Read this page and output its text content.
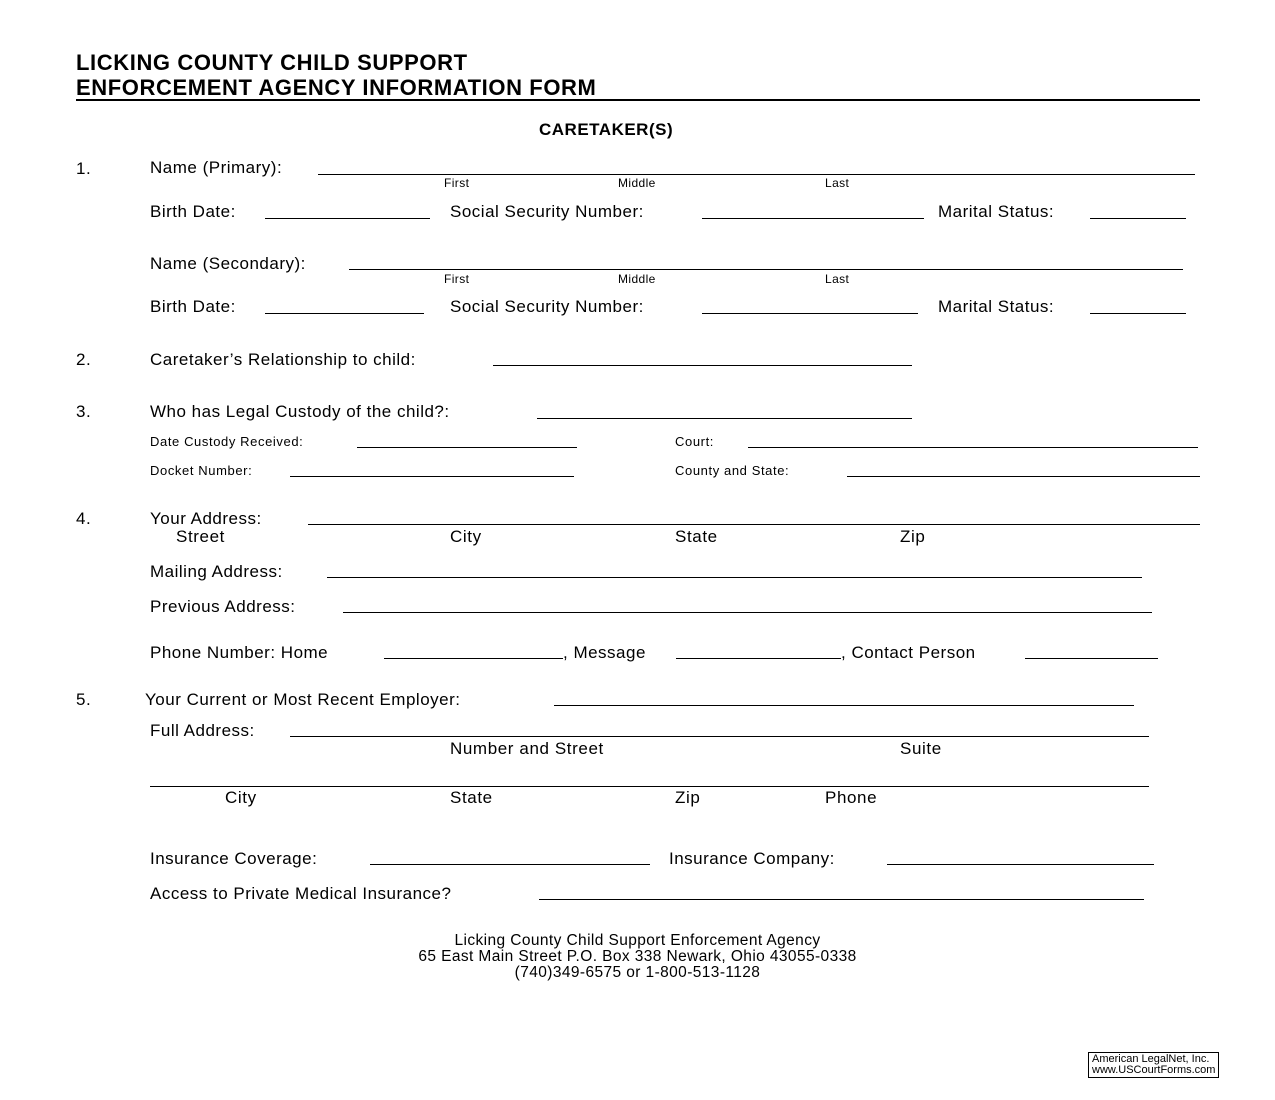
LICKING COUNTY CHILD SUPPORT
ENFORCEMENT AGENCY INFORMATION FORM
CARETAKER(S)
1.	Name (Primary):
First	Middle	Last
Birth Date:	Social Security Number:	Marital Status:
Name (Secondary):
First	Middle	Last
Birth Date:	Social Security Number:	Marital Status:
2.	Caretaker’s Relationship to child:
3.	Who has Legal Custody of the child?:
Date Custody Received:	Court:
Docket Number:	County and State:
4.	Your Address:
Street	City	State	Zip
Mailing Address:
Previous Address:
Phone Number: Home	, Message	, Contact Person
5.	Your Current or Most Recent Employer:
Full Address:
Number and Street	Suite
City	State	Zip	Phone
Insurance Coverage:	Insurance Company:
Access to Private Medical Insurance?
Licking County Child Support Enforcement Agency
65 East Main Street P.O. Box 338 Newark, Ohio 43055-0338
(740)349-6575 or 1-800-513-1128
American LegalNet, Inc.
www.USCourtForms.com
